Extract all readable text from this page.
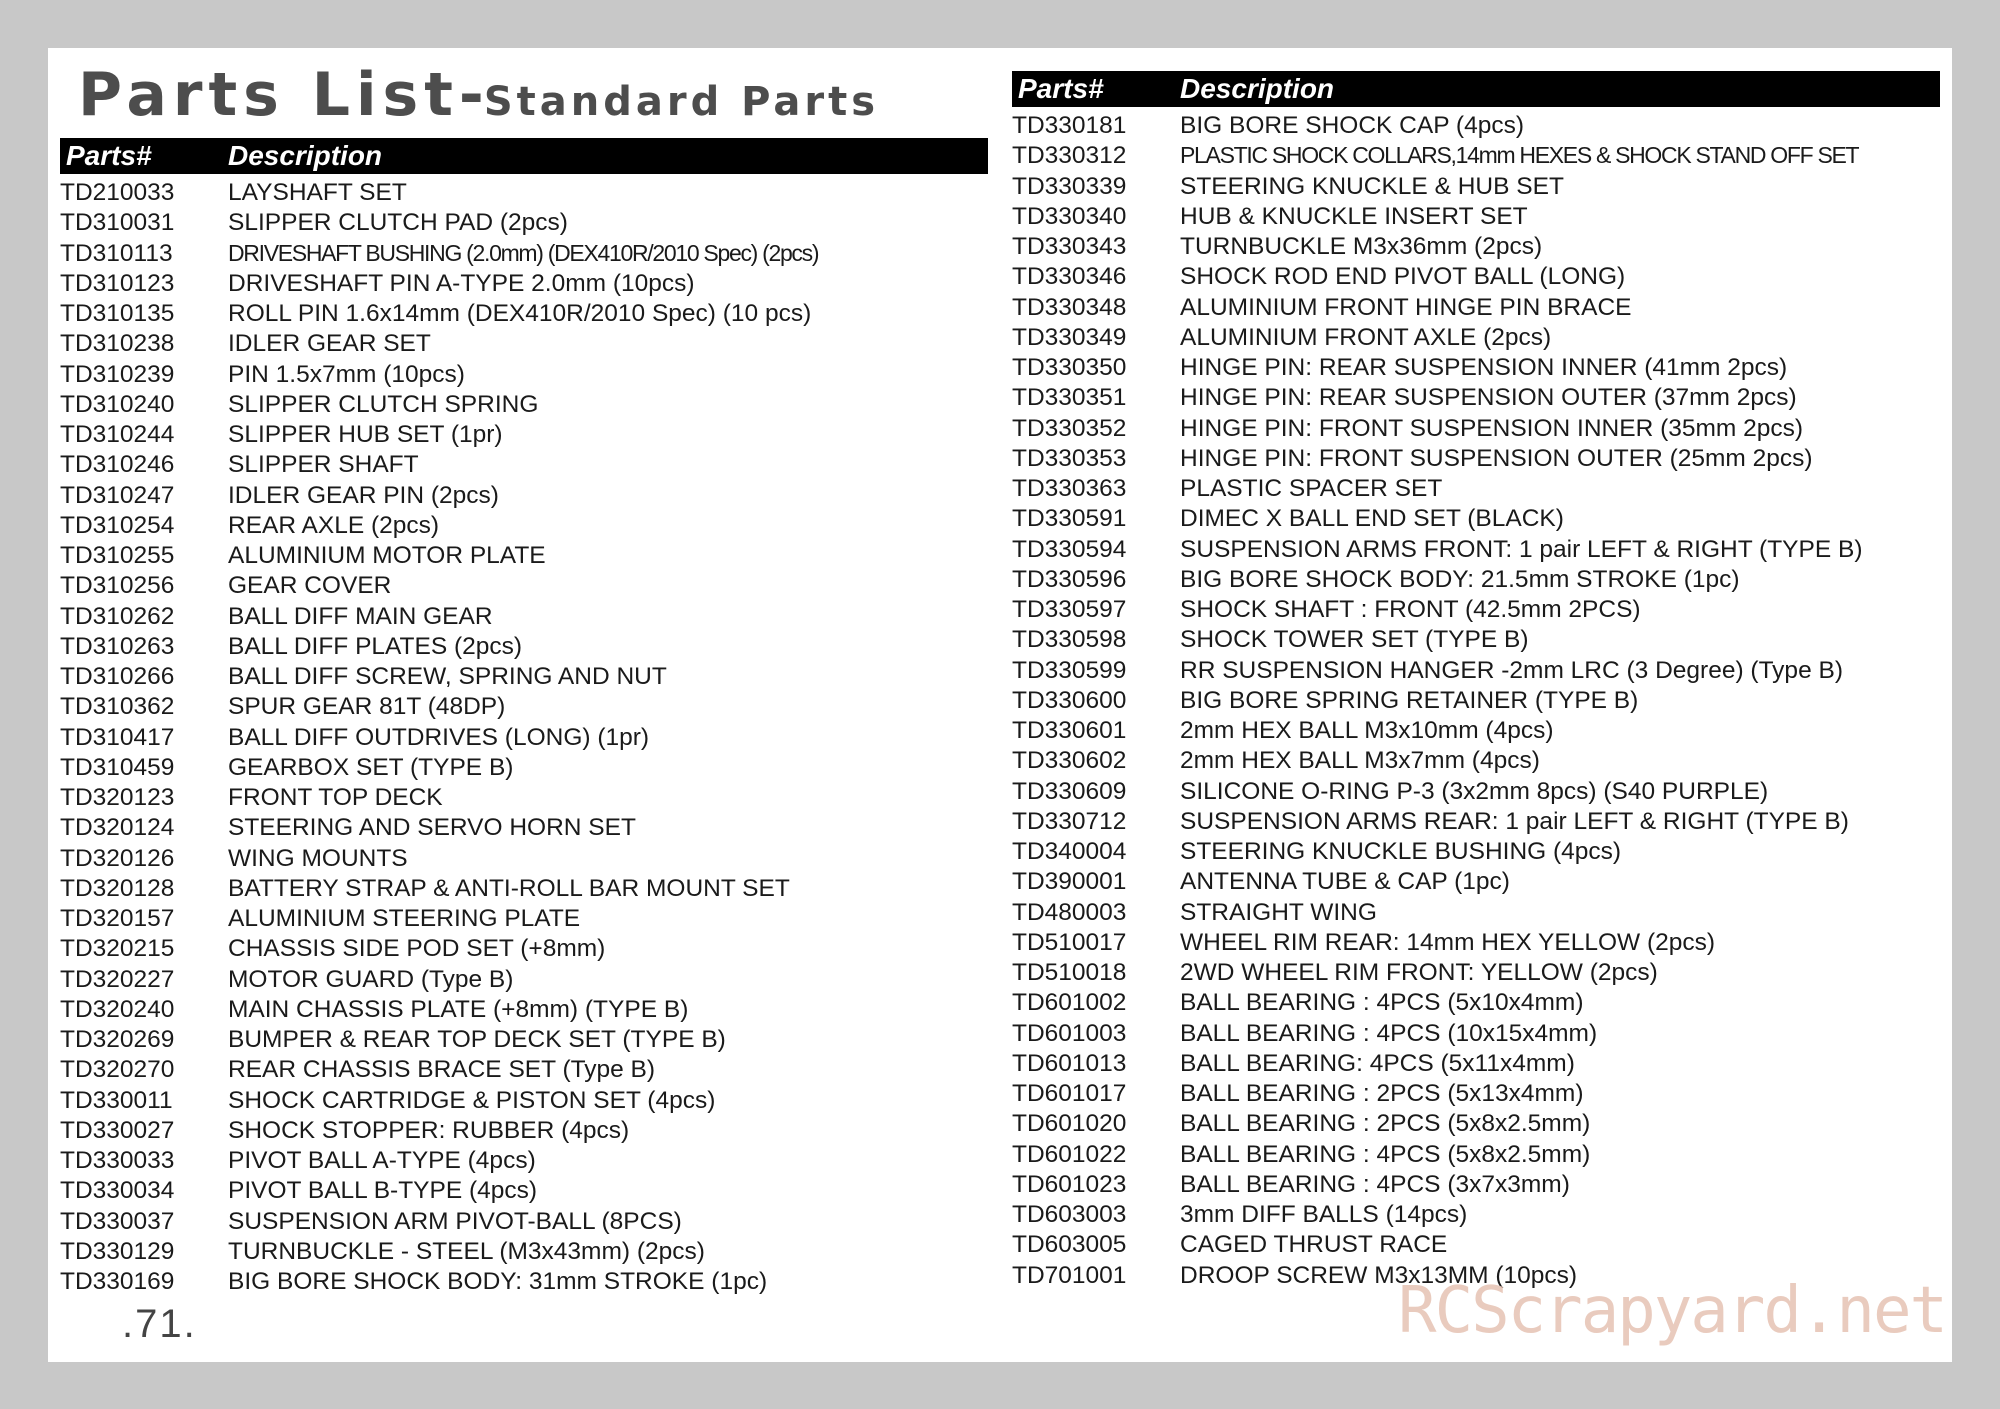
Parts List-Standard Parts
Parts#	Description
TD210033 LAYSHAFT SET
TD310031 SLIPPER CLUTCH PAD (2pcs)
TD310113 DRIVESHAFT BUSHING (2.0mm) (DEX410R/2010 Spec) (2pcs)
TD310123 DRIVESHAFT PIN A-TYPE 2.0mm (10pcs)
TD310135 ROLL PIN 1.6x14mm (DEX410R/2010 Spec) (10 pcs)
TD310238 IDLER GEAR SET
TD310239 PIN 1.5x7mm (10pcs)
TD310240 SLIPPER CLUTCH SPRING
TD310244 SLIPPER HUB SET (1pr)
TD310246 SLIPPER SHAFT
TD310247 IDLER GEAR PIN (2pcs)
TD310254 REAR AXLE (2pcs)
TD310255 ALUMINIUM MOTOR PLATE
TD310256 GEAR COVER
TD310262 BALL DIFF MAIN GEAR
TD310263 BALL DIFF PLATES (2pcs)
TD310266 BALL DIFF SCREW, SPRING AND NUT
TD310362 SPUR GEAR 81T (48DP)
TD310417 BALL DIFF OUTDRIVES (LONG) (1pr)
TD310459 GEARBOX SET (TYPE B)
TD320123 FRONT TOP DECK
TD320124 STEERING AND SERVO HORN SET
TD320126 WING MOUNTS
TD320128 BATTERY STRAP & ANTI-ROLL BAR MOUNT SET
TD320157 ALUMINIUM STEERING PLATE
TD320215 CHASSIS SIDE POD SET (+8mm)
TD320227 MOTOR GUARD (Type B)
TD320240 MAIN CHASSIS PLATE (+8mm) (TYPE B)
TD320269 BUMPER & REAR TOP DECK SET (TYPE B)
TD320270 REAR CHASSIS BRACE SET (Type B)
TD330011 SHOCK CARTRIDGE & PISTON SET (4pcs)
TD330027 SHOCK STOPPER: RUBBER (4pcs)
TD330033 PIVOT BALL A-TYPE (4pcs)
TD330034 PIVOT BALL B-TYPE (4pcs)
TD330037 SUSPENSION ARM PIVOT-BALL (8PCS)
TD330129 TURNBUCKLE - STEEL (M3x43mm) (2pcs)
TD330169 BIG BORE SHOCK BODY: 31mm STROKE (1pc)
Parts#	Description
TD330181 BIG BORE SHOCK CAP (4pcs)
TD330312 PLASTIC SHOCK COLLARS,14mm HEXES & SHOCK STAND OFF SET
TD330339 STEERING KNUCKLE & HUB SET
TD330340 HUB & KNUCKLE INSERT SET
TD330343 TURNBUCKLE M3x36mm (2pcs)
TD330346 SHOCK ROD END PIVOT BALL (LONG)
TD330348 ALUMINIUM FRONT HINGE PIN BRACE
TD330349 ALUMINIUM FRONT AXLE (2pcs)
TD330350 HINGE PIN: REAR SUSPENSION INNER (41mm 2pcs)
TD330351 HINGE PIN: REAR SUSPENSION OUTER (37mm 2pcs)
TD330352 HINGE PIN: FRONT SUSPENSION INNER (35mm 2pcs)
TD330353 HINGE PIN: FRONT SUSPENSION OUTER (25mm 2pcs)
TD330363 PLASTIC SPACER SET
TD330591 DIMEC X BALL END SET (BLACK)
TD330594 SUSPENSION ARMS FRONT: 1 pair LEFT & RIGHT (TYPE B)
TD330596 BIG BORE SHOCK BODY: 21.5mm STROKE (1pc)
TD330597 SHOCK SHAFT : FRONT (42.5mm 2PCS)
TD330598 SHOCK TOWER SET (TYPE B)
TD330599 RR SUSPENSION HANGER -2mm LRC (3 Degree) (Type B)
TD330600 BIG BORE SPRING RETAINER (TYPE B)
TD330601 2mm HEX BALL M3x10mm (4pcs)
TD330602 2mm HEX BALL M3x7mm (4pcs)
TD330609 SILICONE O-RING P-3 (3x2mm 8pcs) (S40 PURPLE)
TD330712 SUSPENSION ARMS REAR: 1 pair LEFT & RIGHT (TYPE B)
TD340004 STEERING KNUCKLE BUSHING (4pcs)
TD390001 ANTENNA TUBE & CAP (1pc)
TD480003 STRAIGHT WING
TD510017 WHEEL RIM REAR: 14mm HEX YELLOW (2pcs)
TD510018 2WD WHEEL RIM FRONT: YELLOW (2pcs)
TD601002 BALL BEARING : 4PCS (5x10x4mm)
TD601003 BALL BEARING : 4PCS (10x15x4mm)
TD601013 BALL BEARING: 4PCS (5x11x4mm)
TD601017 BALL BEARING : 2PCS (5x13x4mm)
TD601020 BALL BEARING : 2PCS (5x8x2.5mm)
TD601022 BALL BEARING : 4PCS (5x8x2.5mm)
TD601023 BALL BEARING : 4PCS (3x7x3mm)
TD603003 3mm DIFF BALLS (14pcs)
TD603005 CAGED THRUST RACE
TD701001 DROOP SCREW M3x13MM (10pcs)
.71.	RCScrapyard.net
